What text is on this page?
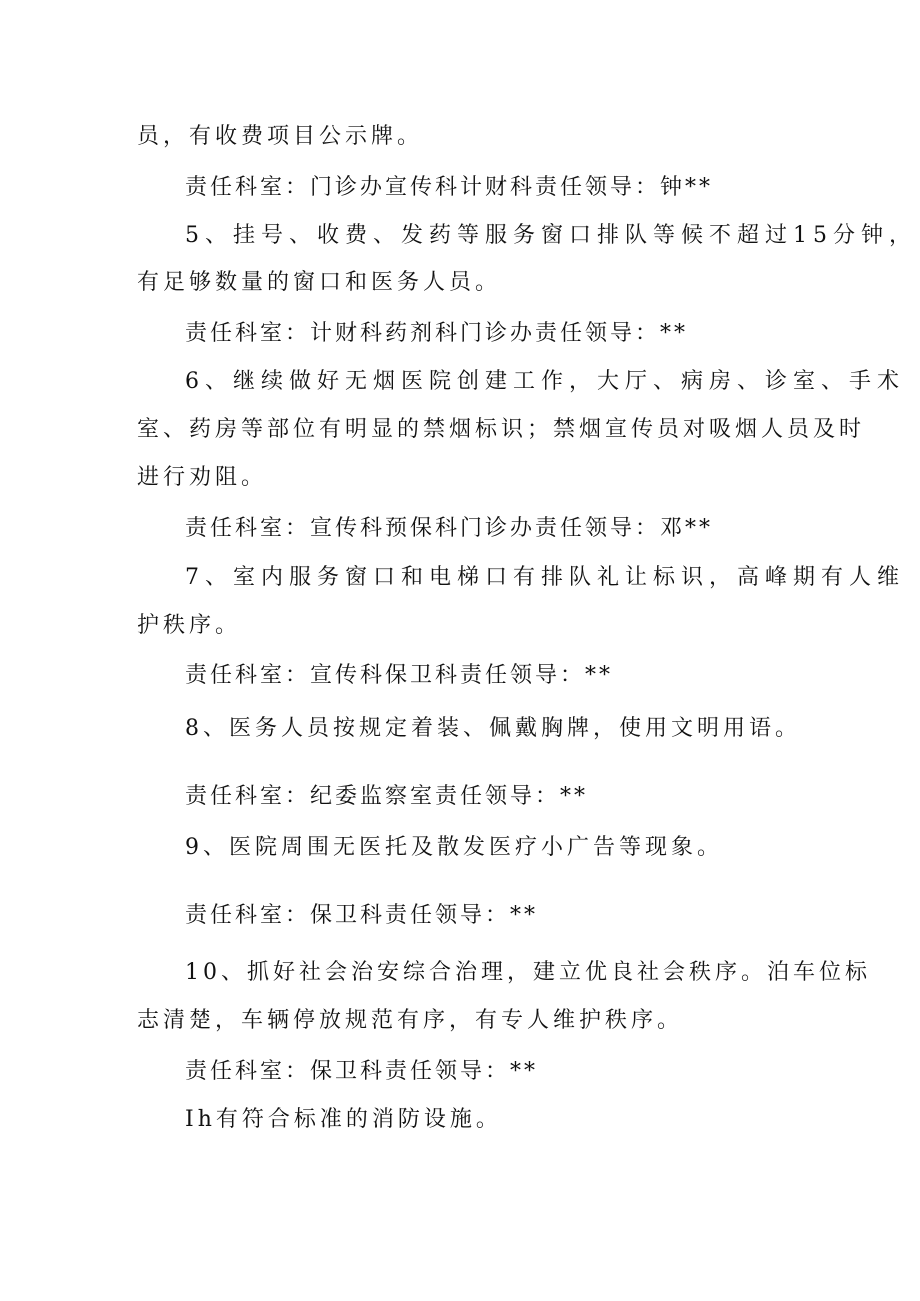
员，有收费项目公示牌。
责任科室：门诊办宣传科计财科责任领导：钟**
5、挂号、收费、发药等服务窗口排队等候不超过15分钟，
有足够数量的窗口和医务人员。
责任科室：计财科药剂科门诊办责任领导：**
6、继续做好无烟医院创建工作，大厅、病房、诊室、手术
室、药房等部位有明显的禁烟标识；禁烟宣传员对吸烟人员及时
进行劝阻。
责任科室：宣传科预保科门诊办责任领导：邓**
7、室内服务窗口和电梯口有排队礼让标识，高峰期有人维
护秩序。
责任科室：宣传科保卫科责任领导：**
8、医务人员按规定着装、佩戴胸牌，使用文明用语。
责任科室：纪委监察室责任领导：**
9、医院周围无医托及散发医疗小广告等现象。
责任科室：保卫科责任领导：**
10、抓好社会治安综合治理，建立优良社会秩序。泊车位标
志清楚，车辆停放规范有序，有专人维护秩序。
责任科室：保卫科责任领导：**
Ih有符合标准的消防设施。
